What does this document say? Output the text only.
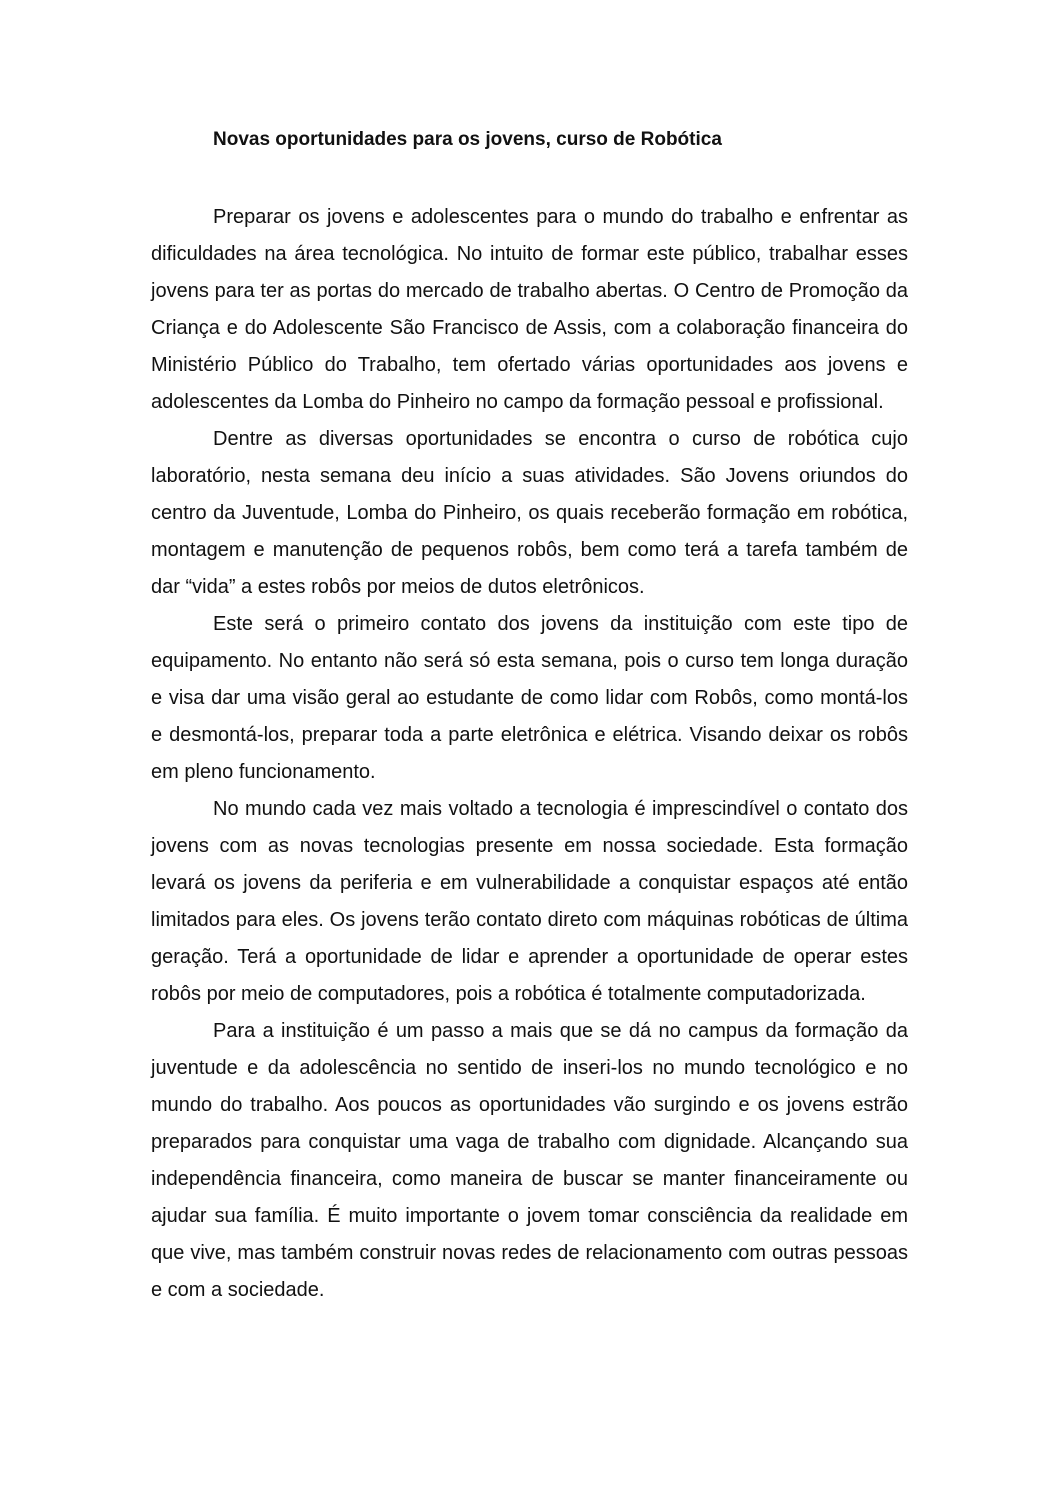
Novas oportunidades para os jovens, curso de Robótica

Preparar os jovens e adolescentes para o mundo do trabalho e enfrentar as dificuldades na área tecnológica. No intuito de formar este público, trabalhar esses jovens para ter as portas do mercado de trabalho abertas. O Centro de Promoção da Criança e do Adolescente São Francisco de Assis, com a colaboração financeira do Ministério Público do Trabalho, tem ofertado várias oportunidades aos jovens e adolescentes da Lomba do Pinheiro no campo da formação pessoal e profissional.

Dentre as diversas oportunidades se encontra o curso de robótica cujo laboratório, nesta semana deu início a suas atividades. São Jovens oriundos do centro da Juventude, Lomba do Pinheiro, os quais receberão formação em robótica, montagem e manutenção de pequenos robôs, bem como terá a tarefa também de dar “vida” a estes robôs por meios de dutos eletrônicos.

Este será o primeiro contato dos jovens da instituição com este tipo de equipamento. No entanto não será só esta semana, pois o curso tem longa duração e visa dar uma visão geral ao estudante de como lidar com Robôs, como montá-los e desmontá-los, preparar toda a parte eletrônica e elétrica. Visando deixar os robôs em pleno funcionamento.

No mundo cada vez mais voltado a tecnologia é imprescindível o contato dos jovens com as novas tecnologias presente em nossa sociedade. Esta formação levará os jovens da periferia e em vulnerabilidade a conquistar espaços até então limitados para eles. Os jovens terão contato direto com máquinas robóticas de última geração. Terá a oportunidade de lidar e aprender a oportunidade de operar estes robôs por meio de computadores, pois a robótica é totalmente computadorizada.

Para a instituição é um passo a mais que se dá no campus da formação da juventude e da adolescência no sentido de inseri-los no mundo tecnológico e no mundo do trabalho. Aos poucos as oportunidades vão surgindo e os jovens estrão preparados para conquistar uma vaga de trabalho com dignidade. Alcançando sua independência financeira, como maneira de buscar se manter financeiramente ou ajudar sua família. É muito importante o jovem tomar consciência da realidade em que vive, mas também construir novas redes de relacionamento com outras pessoas e com a sociedade.
